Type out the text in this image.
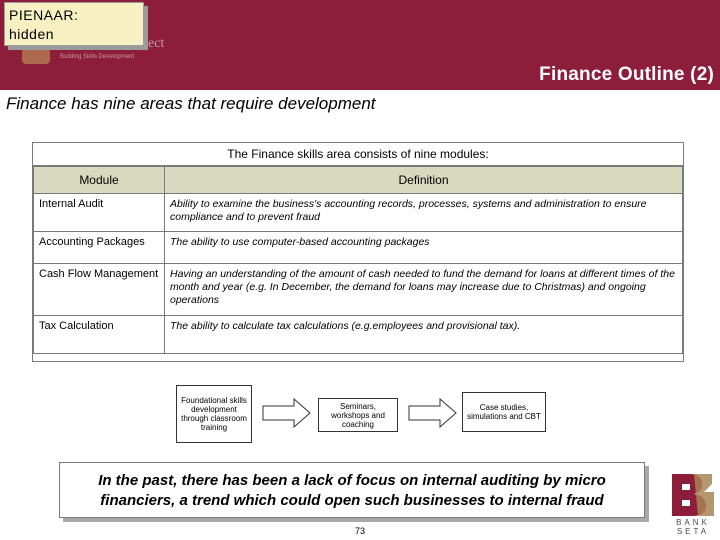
ect
Building Skills Development
Finance Outline (2)
PIENAAR:
hidden
Finance has nine areas that require development
The Finance skills area consists of nine modules:
Module	Definition
Internal Audit	Ability to examine the business's accounting records, processes, systems and administration to ensure compliance and to prevent fraud
Accounting Packages	The ability to use computer-based accounting packages
Cash Flow Management	Having an understanding of the amount of cash needed to fund the demand for loans at different times of the month and year (e.g. In December, the demand for loans may increase due to Christmas) and ongoing operations
Tax Calculation	The ability to calculate tax calculations (e.g.employees and provisional tax).
Foundational skills development through classroom training
Seminars, workshops and coaching
Case studies, simulations and CBT
In the past, there has been a lack of focus on internal auditing by micro financiers, a trend which could open such businesses to internal fraud
73
BANK
SETA
